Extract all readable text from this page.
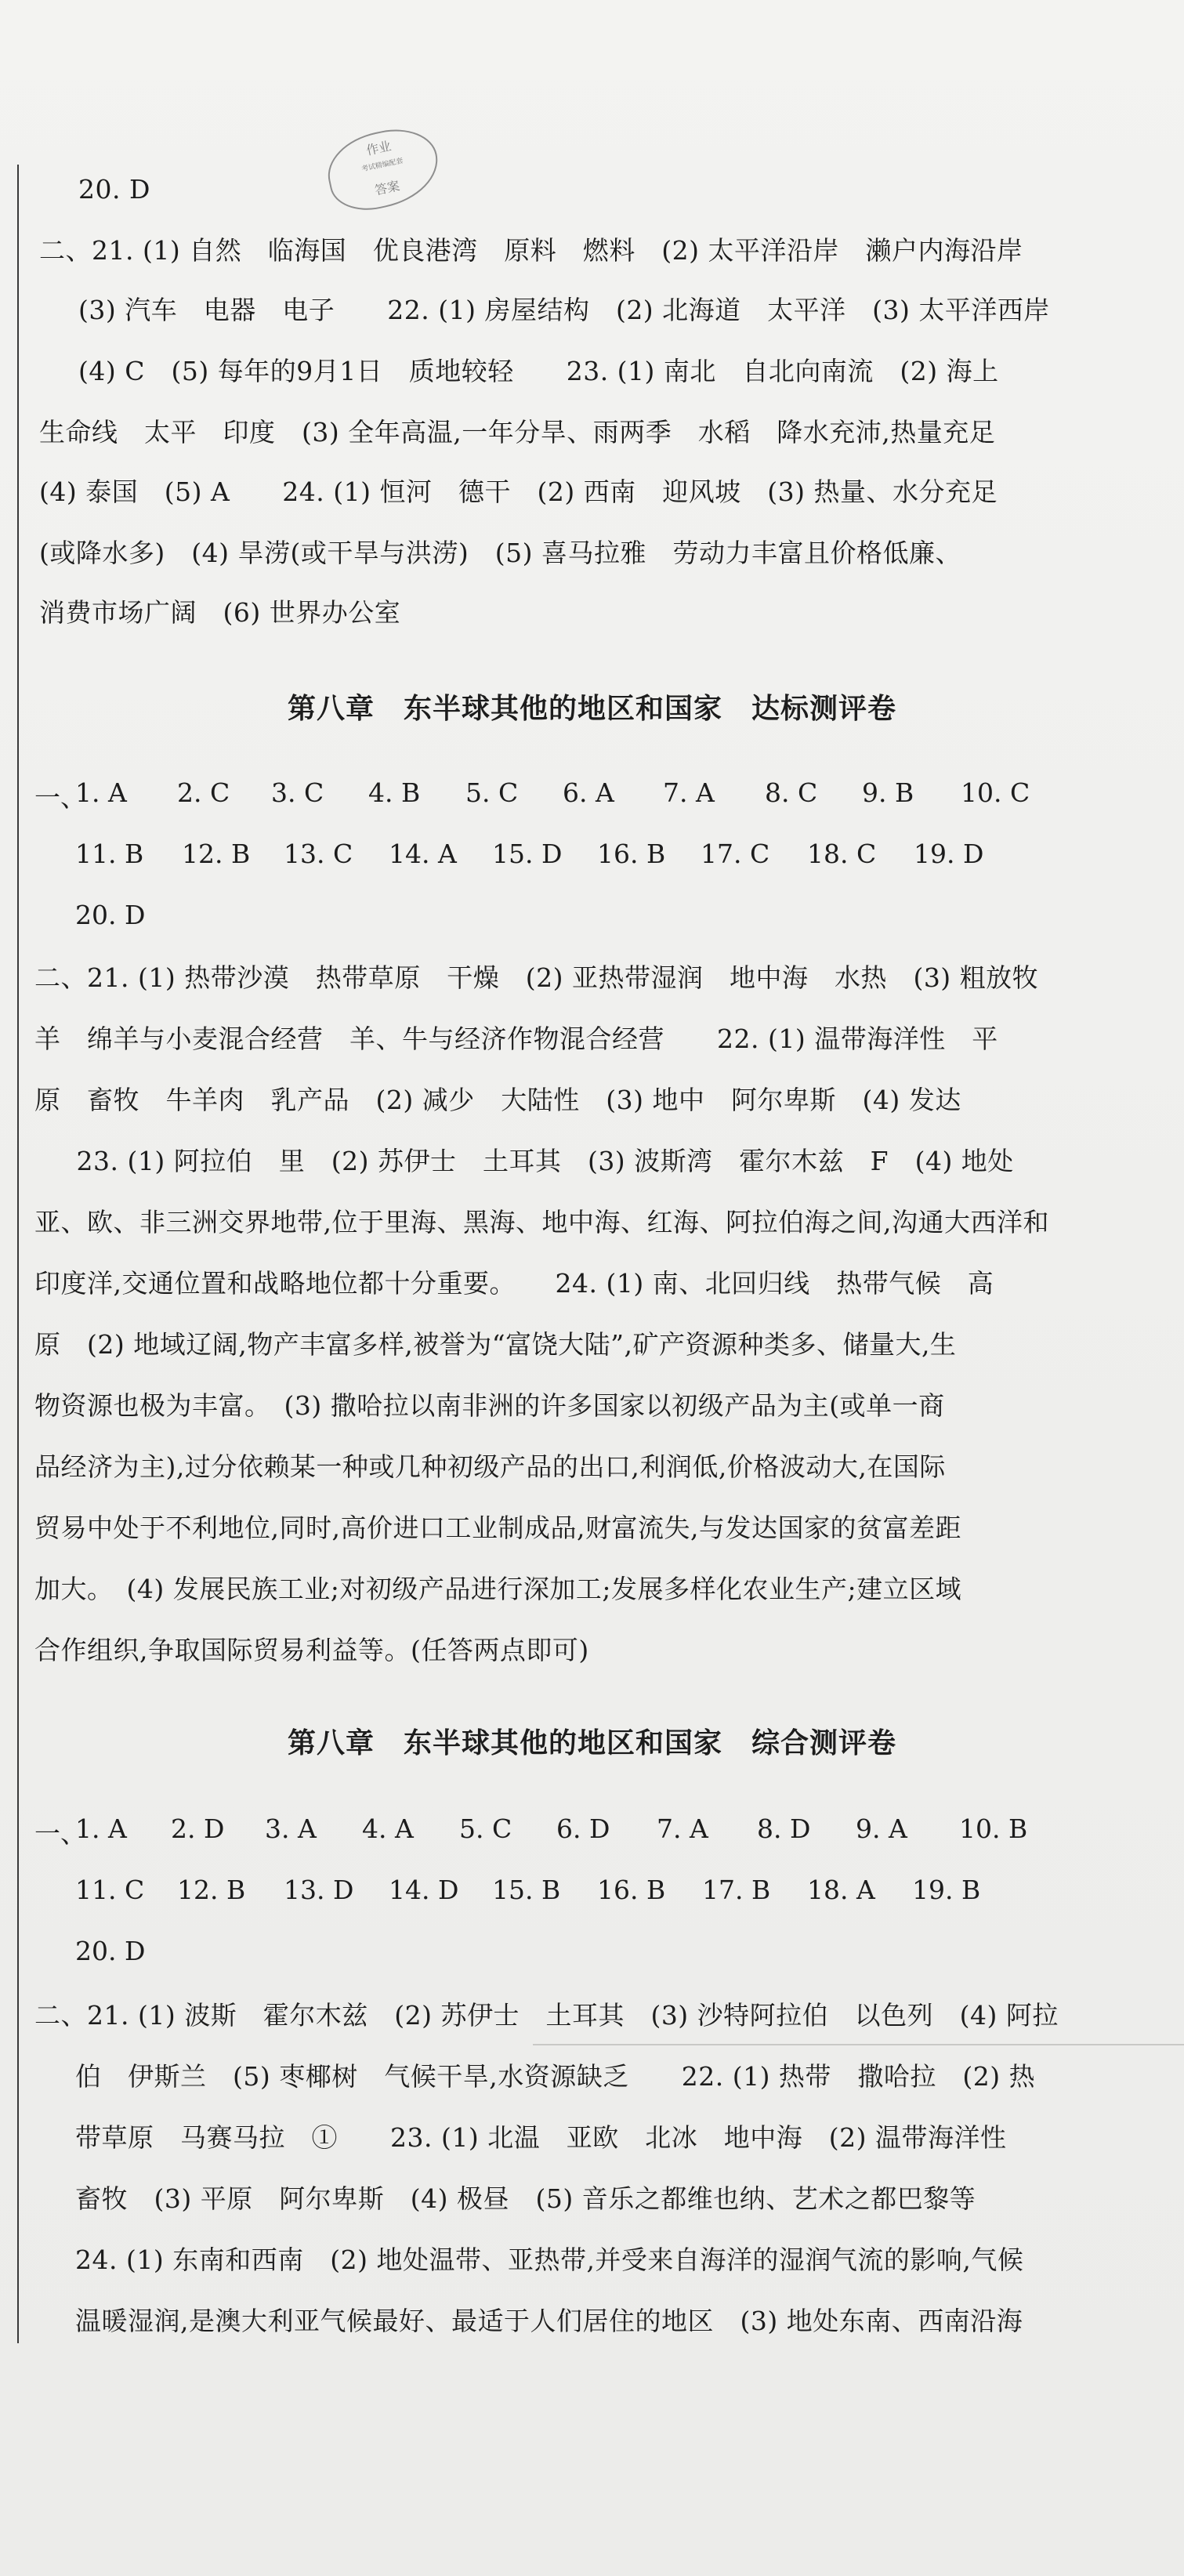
作业
考试精编配套
答案
20. D
二、21. (1) 自然　临海国　优良港湾　原料　燃料　(2) 太平洋沿岸　濑户内海沿岸
(3) 汽车　电器　电子　　22. (1) 房屋结构　(2) 北海道　太平洋　(3) 太平洋西岸
(4) C　(5) 每年的9月1日　质地较轻　　23. (1) 南北　自北向南流　(2) 海上
生命线　太平　印度　(3) 全年高温,一年分旱、雨两季　水稻　降水充沛,热量充足
(4) 泰国　(5) A　　24. (1) 恒河　德干　(2) 西南　迎风坡　(3) 热量、水分充足
(或降水多)　(4) 旱涝(或干旱与洪涝)　(5) 喜马拉雅　劳动力丰富且价格低廉、
消费市场广阔　(6) 世界办公室
第八章　东半球其他的地区和国家　达标测评卷
一、
1. A 2. C 3. C 4. B 5. C 6. A 7. A 8. C 9. B 10. C
11. B 12. B 13. C 14. A 15. D 16. B 17. C 18. C 19. D
20. D
二、21. (1) 热带沙漠　热带草原　干燥　(2) 亚热带湿润　地中海　水热　(3) 粗放牧
羊　绵羊与小麦混合经营　羊、牛与经济作物混合经营　　22. (1) 温带海洋性　平
原　畜牧　牛羊肉　乳产品　(2) 减少　大陆性　(3) 地中　阿尔卑斯　(4) 发达
　23. (1) 阿拉伯　里　(2) 苏伊士　土耳其　(3) 波斯湾　霍尔木兹　F　(4) 地处
亚、欧、非三洲交界地带,位于里海、黑海、地中海、红海、阿拉伯海之间,沟通大西洋和
印度洋,交通位置和战略地位都十分重要。　　24. (1) 南、北回归线　热带气候　高
原　(2) 地域辽阔,物产丰富多样,被誉为“富饶大陆”,矿产资源种类多、储量大,生
物资源也极为丰富。　(3) 撒哈拉以南非洲的许多国家以初级产品为主(或单一商
品经济为主),过分依赖某一种或几种初级产品的出口,利润低,价格波动大,在国际
贸易中处于不利地位,同时,高价进口工业制成品,财富流失,与发达国家的贫富差距
加大。　(4) 发展民族工业;对初级产品进行深加工;发展多样化农业生产;建立区域
合作组织,争取国际贸易利益等。(任答两点即可)
第八章　东半球其他的地区和国家　综合测评卷
一、
1. A 2. D 3. A 4. A 5. C 6. D 7. A 8. D 9. A 10. B
11. C 12. B 13. D 14. D 15. B 16. B 17. B 18. A 19. B
20. D
二、21. (1) 波斯　霍尔木兹　(2) 苏伊士　土耳其　(3) 沙特阿拉伯　以色列　(4) 阿拉
伯　伊斯兰　(5) 枣椰树　气候干旱,水资源缺乏　　22. (1) 热带　撒哈拉　(2) 热
带草原　马赛马拉　①　　23. (1) 北温　亚欧　北冰　地中海　(2) 温带海洋性
畜牧　(3) 平原　阿尔卑斯　(4) 极昼　(5) 音乐之都维也纳、艺术之都巴黎等
24. (1) 东南和西南　(2) 地处温带、亚热带,并受来自海洋的湿润气流的影响,气候
温暖湿润,是澳大利亚气候最好、最适于人们居住的地区　(3) 地处东南、西南沿海
